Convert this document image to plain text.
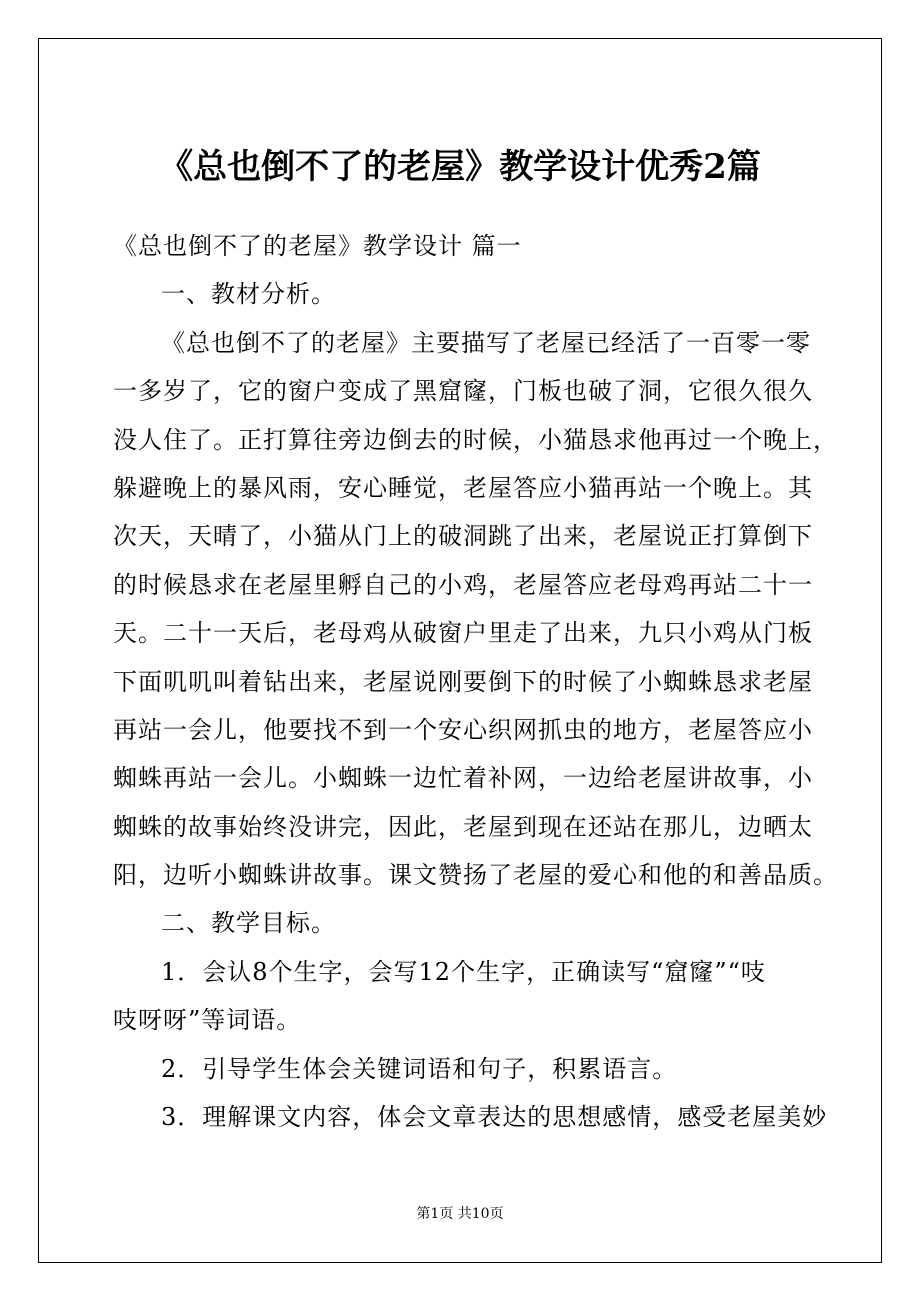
《总也倒不了的老屋》教学设计优秀2篇
《总也倒不了的老屋》教学设计 篇一
一、教材分析。
《总也倒不了的老屋》主要描写了老屋已经活了一百零一零
一多岁了，它的窗户变成了黑窟窿，门板也破了洞，它很久很久
没人住了。正打算往旁边倒去的时候，小猫恳求他再过一个晚上，
躲避晚上的暴风雨，安心睡觉，老屋答应小猫再站一个晚上。其
次天，天晴了，小猫从门上的破洞跳了出来，老屋说正打算倒下
的时候恳求在老屋里孵自己的小鸡，老屋答应老母鸡再站二十一
天。二十一天后，老母鸡从破窗户里走了出来，九只小鸡从门板
下面叽叽叫着钻出来，老屋说刚要倒下的时候了小蜘蛛恳求老屋
再站一会儿，他要找不到一个安心织网抓虫的地方，老屋答应小
蜘蛛再站一会儿。小蜘蛛一边忙着补网，一边给老屋讲故事，小
蜘蛛的故事始终没讲完，因此，老屋到现在还站在那儿，边晒太
阳，边听小蜘蛛讲故事。课文赞扬了老屋的爱心和他的和善品质。
二、教学目标。
1．会认8个生字，会写12个生字，正确读写“窟窿”“吱
吱呀呀”等词语。
2．引导学生体会关键词语和句子，积累语言。
3．理解课文内容，体会文章表达的思想感情，感受老屋美妙
第1页 共10页
